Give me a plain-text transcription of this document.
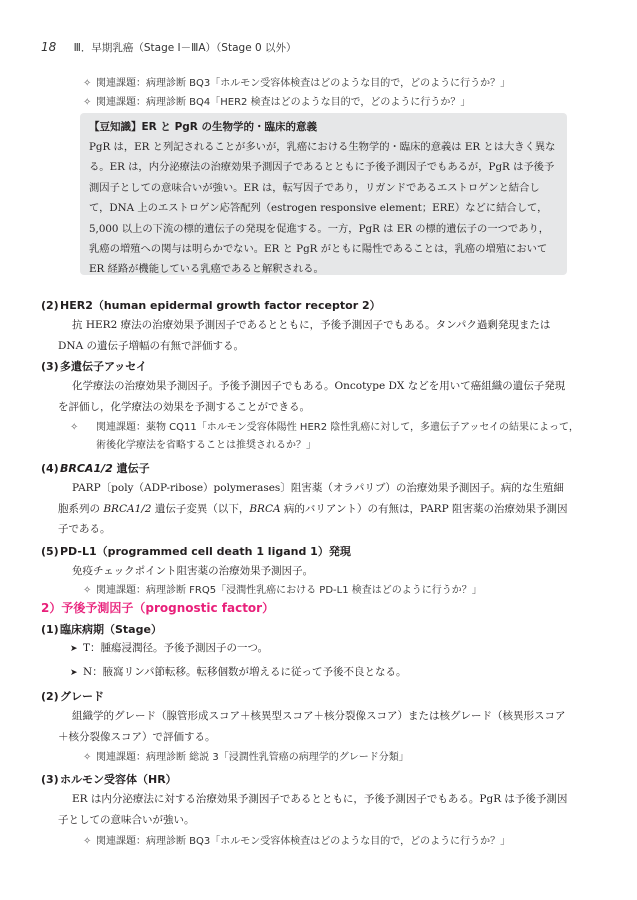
18 Ⅲ．早期乳癌（Stage Ⅰ－ⅢA）（Stage 0 以外）
✧ 関連課題：病理診断 BQ3「ホルモン受容体検査はどのような目的で，どのように行うか？」
✧ 関連課題：病理診断 BQ4「HER2 検査はどのような目的で，どのように行うか？」
【豆知識】ER と PgR の生物学的・臨床的意義
PgR は，ER と列記されることが多いが，乳癌における生物学的・臨床的意義は ER とは大きく異なる。ER は，内分泌療法の治療効果予測因子であるとともに予後予測因子でもあるが，PgR は予後予測因子としての意味合いが強い。ER は，転写因子であり，リガンドであるエストロゲンと結合して，DNA 上のエストロゲン応答配列（estrogen responsive element；ERE）などに結合して，5,000 以上の下流の標的遺伝子の発現を促進する。一方，PgR は ER の標的遺伝子の一つであり，乳癌の増殖への関与は明らかでない。ER と PgR がともに陽性であることは，乳癌の増殖においてER 経路が機能している乳癌であると解釈される。
(2)HER2（human epidermal growth factor receptor 2）
抗 HER2 療法の治療効果予測因子であるとともに，予後予測因子でもある。タンパク過剰発現または DNA の遺伝子増幅の有無で評価する。
(3)多遺伝子アッセイ
化学療法の治療効果予測因子。予後予測因子でもある。Oncotype DX などを用いて癌組織の遺伝子発現を評価し，化学療法の効果を予測することができる。
✧ 関連課題：薬物 CQ11「ホルモン受容体陽性 HER2 陰性乳癌に対して，多遺伝子アッセイの結果によって，術後化学療法を省略することは推奨されるか？」
(4)BRCA1/2 遺伝子
PARP〔poly（ADP-ribose）polymerases〕阻害薬（オラパリブ）の治療効果予測因子。病的な生殖細胞系列の BRCA1/2 遺伝子変異（以下，BRCA 病的バリアント）の有無は，PARP 阻害薬の治療効果予測因子である。
(5)PD-L1（programmed cell death 1 ligand 1）発現
免疫チェックポイント阻害薬の治療効果予測因子。
✧ 関連課題：病理診断 FRQ5「浸潤性乳癌における PD-L1 検査はどのように行うか？」
2）予後予測因子（prognostic factor）
(1)臨床病期（Stage）
➤ T：腫瘍浸潤径。予後予測因子の一つ。
➤ N：腋窩リンパ節転移。転移個数が増えるに従って予後不良となる。
(2)グレード
組織学的グレード（腺管形成スコア＋核異型スコア＋核分裂像スコア）または核グレード（核異形スコア＋核分裂像スコア）で評価する。
✧ 関連課題：病理診断 総説 3「浸潤性乳管癌の病理学的グレード分類」
(3)ホルモン受容体（HR）
ER は内分泌療法に対する治療効果予測因子であるとともに，予後予測因子でもある。PgR は予後予測因子としての意味合いが強い。
✧ 関連課題：病理診断 BQ3「ホルモン受容体検査はどのような目的で，どのように行うか？」
